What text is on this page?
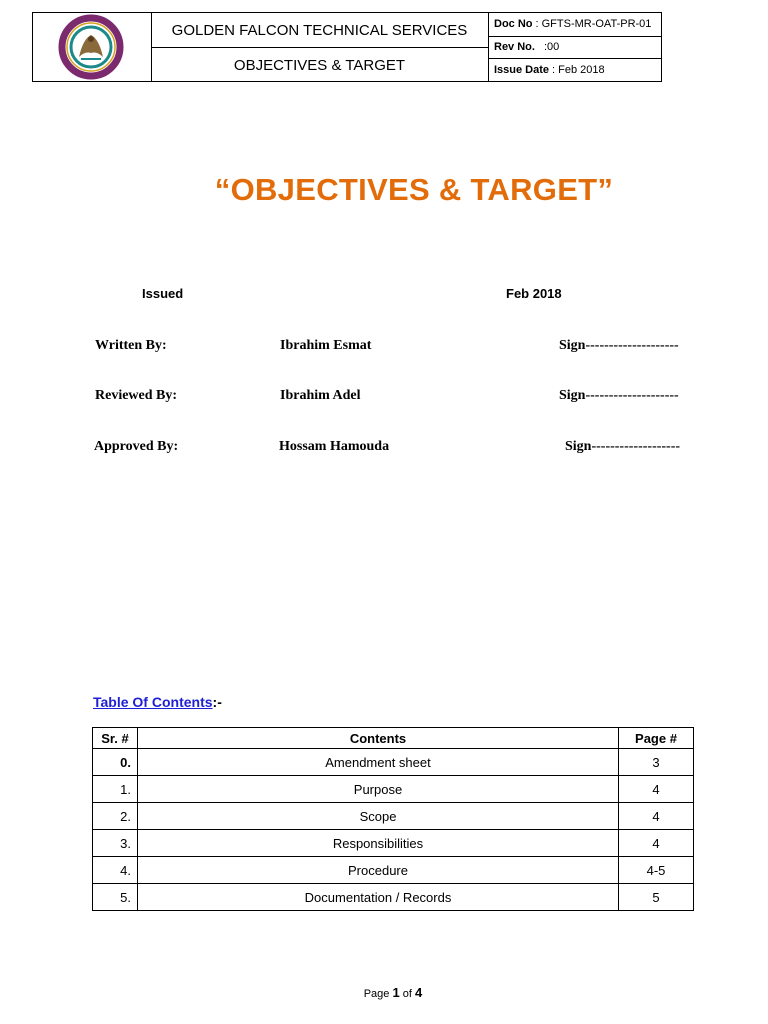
GOLDEN FALCON TECHNICAL SERVICES
OBJECTIVES & TARGET
Doc No : GFTS-MR-OAT-PR-01
Rev No. :00
Issue Date : Feb 2018
“OBJECTIVES & TARGET”
Issued	Feb 2018
Written By:	Ibrahim Esmat	Sign--------------------
Reviewed By:	Ibrahim Adel	Sign--------------------
Approved By:	Hossam Hamouda	Sign-------------------
Table Of Contents:-
Sr. #	Contents	Page #
0.	Amendment sheet	3
1.	Purpose	4
2.	Scope	4
3.	Responsibilities	4
4.	Procedure	4-5
5.	Documentation / Records	5
Page 1 of 4
